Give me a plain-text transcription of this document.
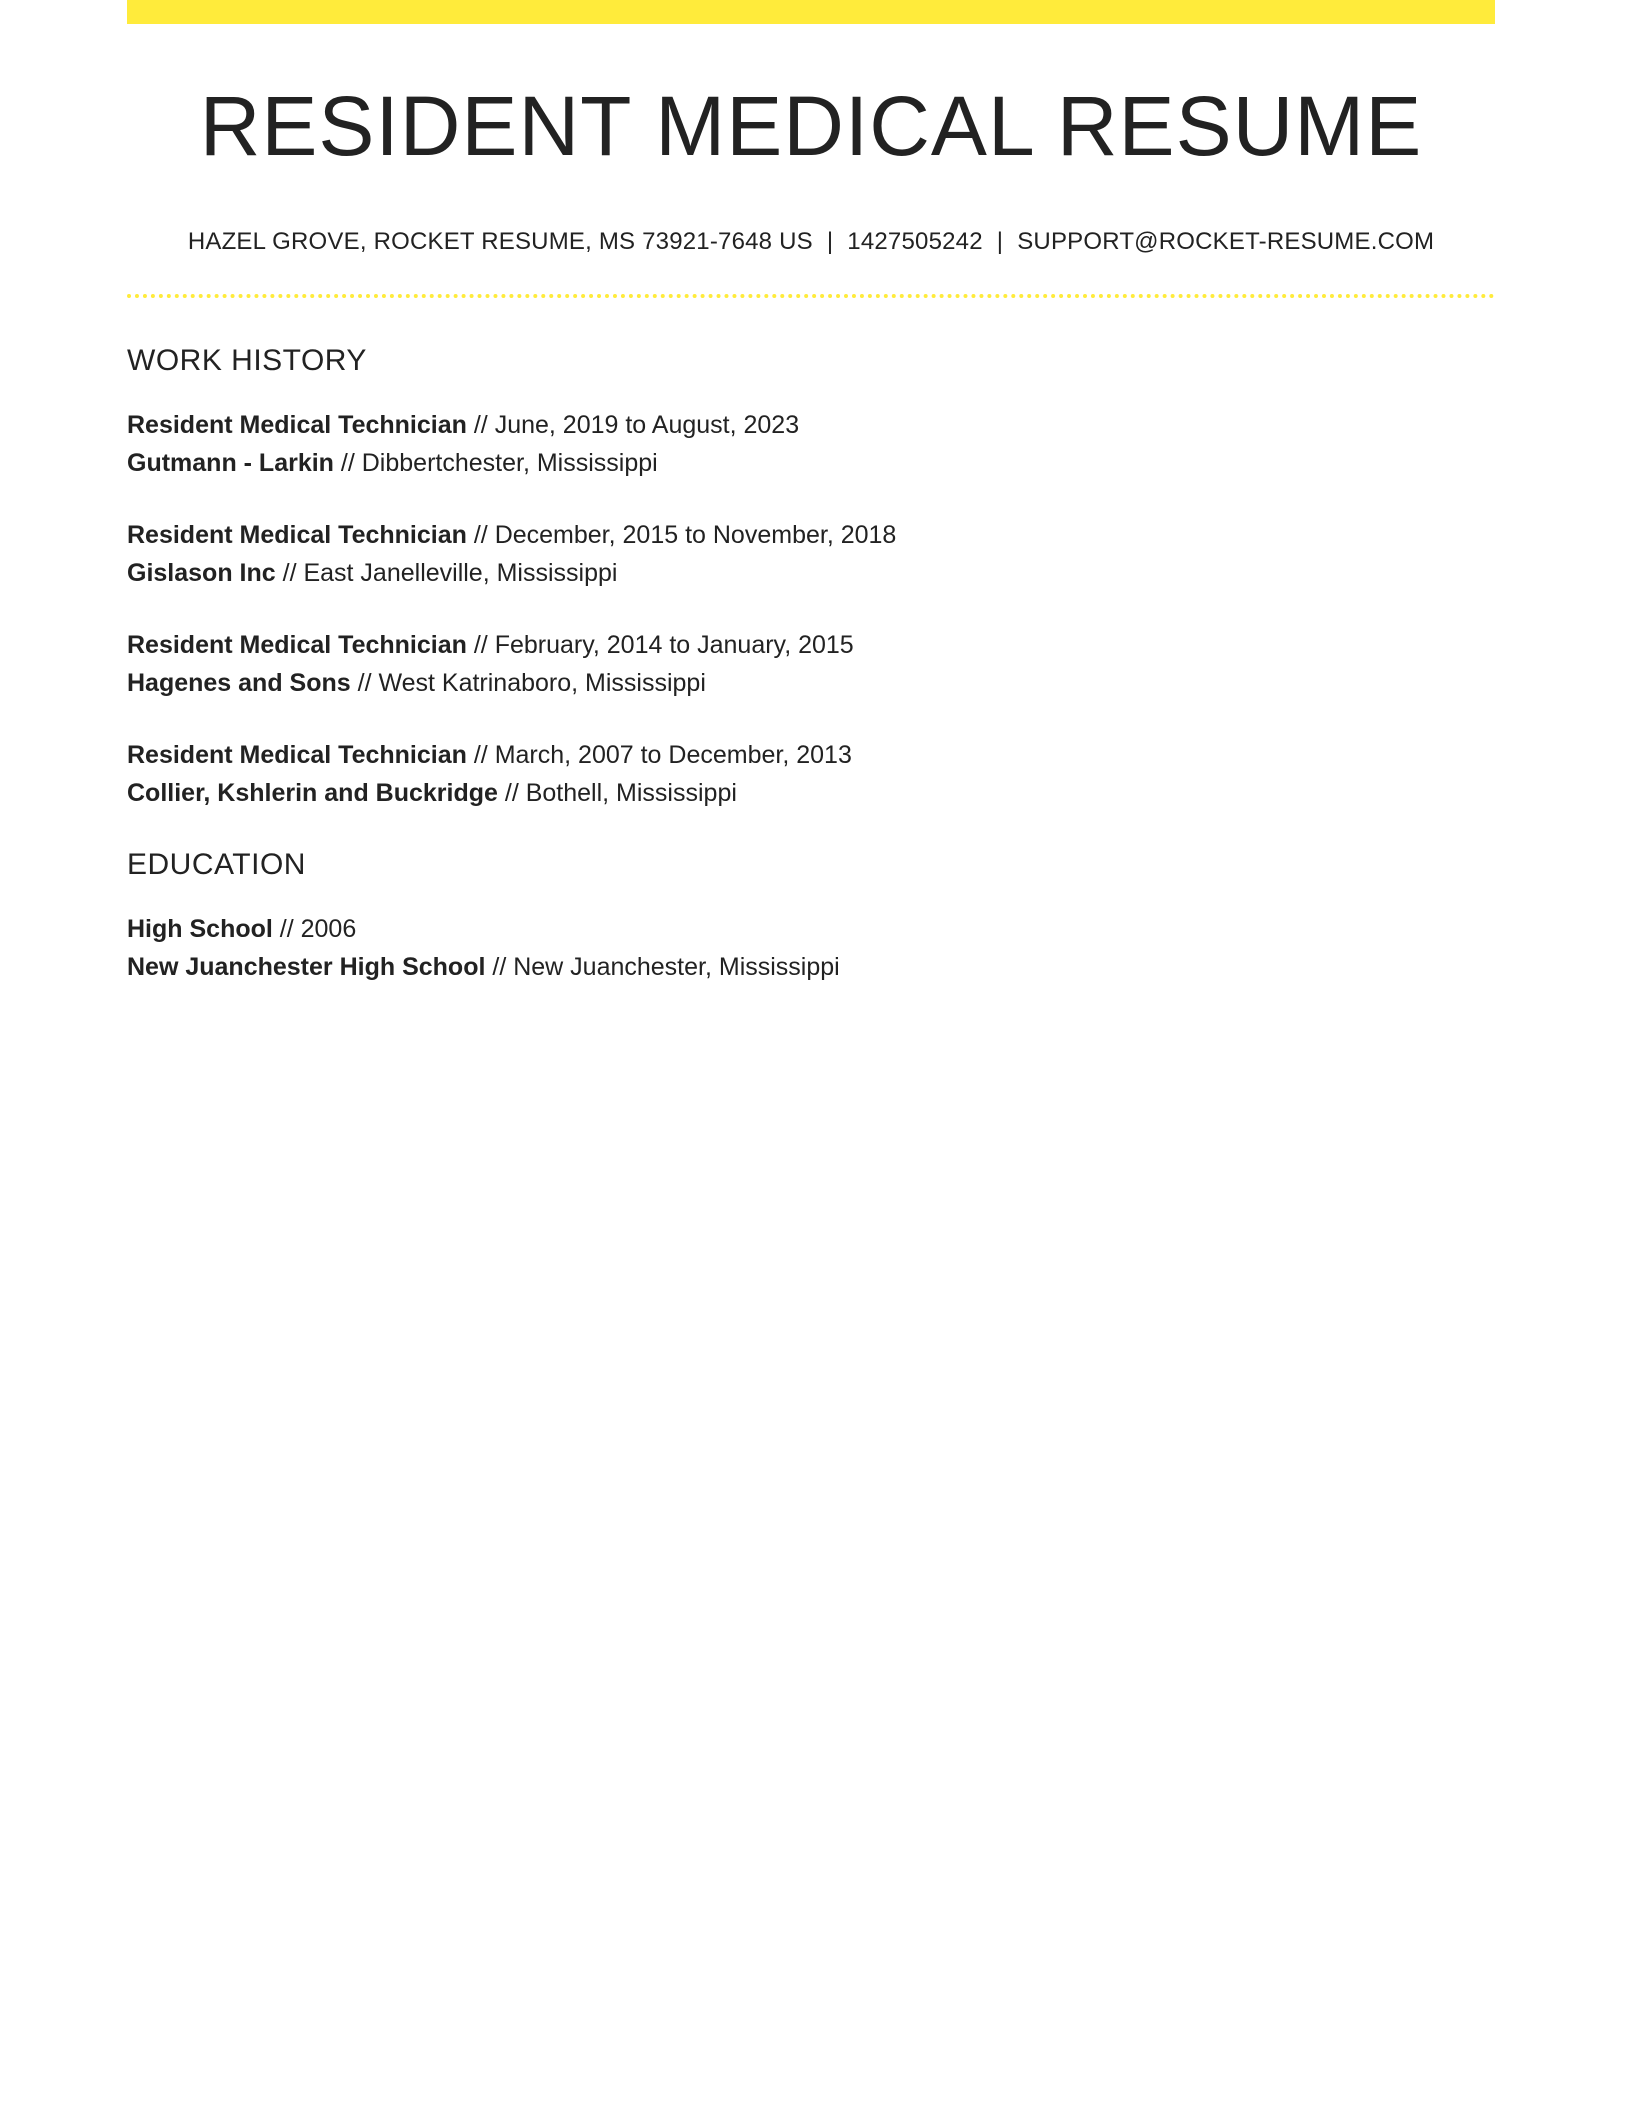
RESIDENT MEDICAL RESUME
HAZEL GROVE, ROCKET RESUME, MS 73921-7648 US | 1427505242 | SUPPORT@ROCKET-RESUME.COM
WORK HISTORY
Resident Medical Technician // June, 2019 to August, 2023
Gutmann - Larkin // Dibbertchester, Mississippi
Resident Medical Technician // December, 2015 to November, 2018
Gislason Inc // East Janelleville, Mississippi
Resident Medical Technician // February, 2014 to January, 2015
Hagenes and Sons // West Katrinaboro, Mississippi
Resident Medical Technician // March, 2007 to December, 2013
Collier, Kshlerin and Buckridge // Bothell, Mississippi
EDUCATION
High School // 2006
New Juanchester High School // New Juanchester, Mississippi
